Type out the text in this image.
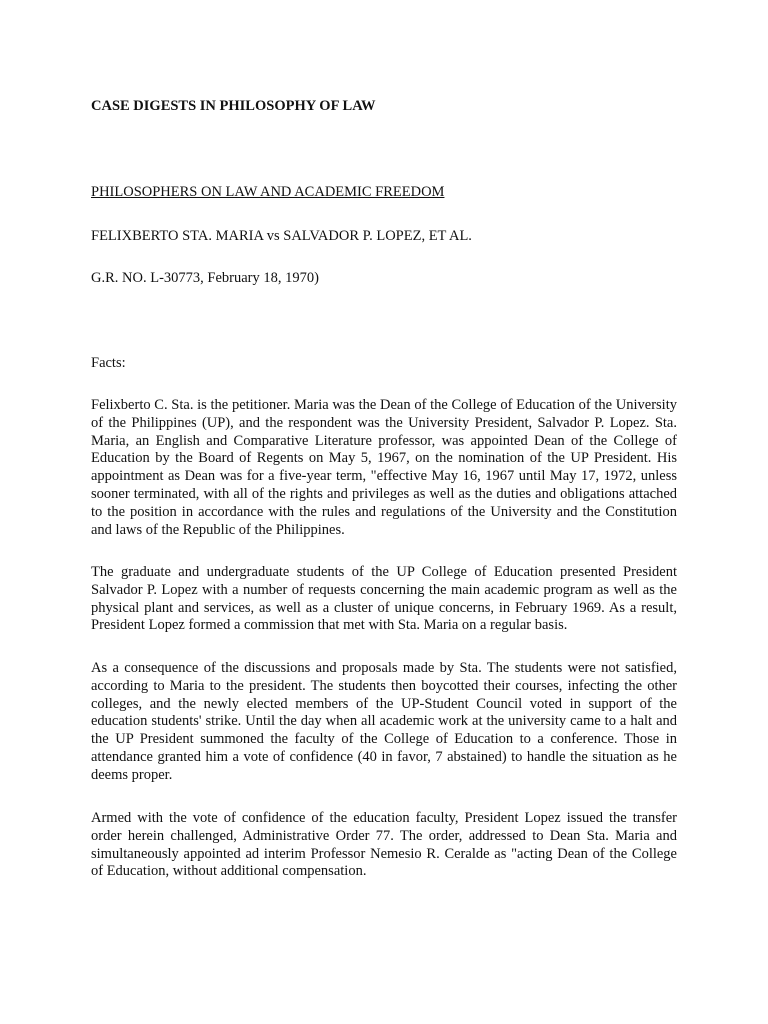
CASE DIGESTS IN PHILOSOPHY OF LAW
PHILOSOPHERS ON LAW AND ACADEMIC FREEDOM
FELIXBERTO STA. MARIA vs SALVADOR P. LOPEZ, ET AL.
G.R. NO. L-30773, February 18, 1970)
Facts:

Felixberto C. Sta. is the petitioner. Maria was the Dean of the College of Education of the University of the Philippines (UP), and the respondent was the University President, Salvador P. Lopez. Sta. Maria, an English and Comparative Literature professor, was appointed Dean of the College of Education by the Board of Regents on May 5, 1967, on the nomination of the UP President. His appointment as Dean was for a five-year term, "effective May 16, 1967 until May 17, 1972, unless sooner terminated, with all of the rights and privileges as well as the duties and obligations attached to the position in accordance with the rules and regulations of the University and the Constitution and laws of the Republic of the Philippines.

The graduate and undergraduate students of the UP College of Education presented President Salvador P. Lopez with a number of requests concerning the main academic program as well as the physical plant and services, as well as a cluster of unique concerns, in February 1969. As a result, President Lopez formed a commission that met with Sta. Maria on a regular basis.

As a consequence of the discussions and proposals made by Sta. The students were not satisfied, according to Maria to the president. The students then boycotted their courses, infecting the other colleges, and the newly elected members of the UP-Student Council voted in support of the education students' strike. Until the day when all academic work at the university came to a halt and the UP President summoned the faculty of the College of Education to a conference. Those in attendance granted him a vote of confidence (40 in favor, 7 abstained) to handle the situation as he deems proper.

Armed with the vote of confidence of the education faculty, President Lopez issued the transfer order herein challenged, Administrative Order 77. The order, addressed to Dean Sta. Maria and simultaneously appointed ad interim Professor Nemesio R. Ceralde as "acting Dean of the College of Education, without additional compensation.
